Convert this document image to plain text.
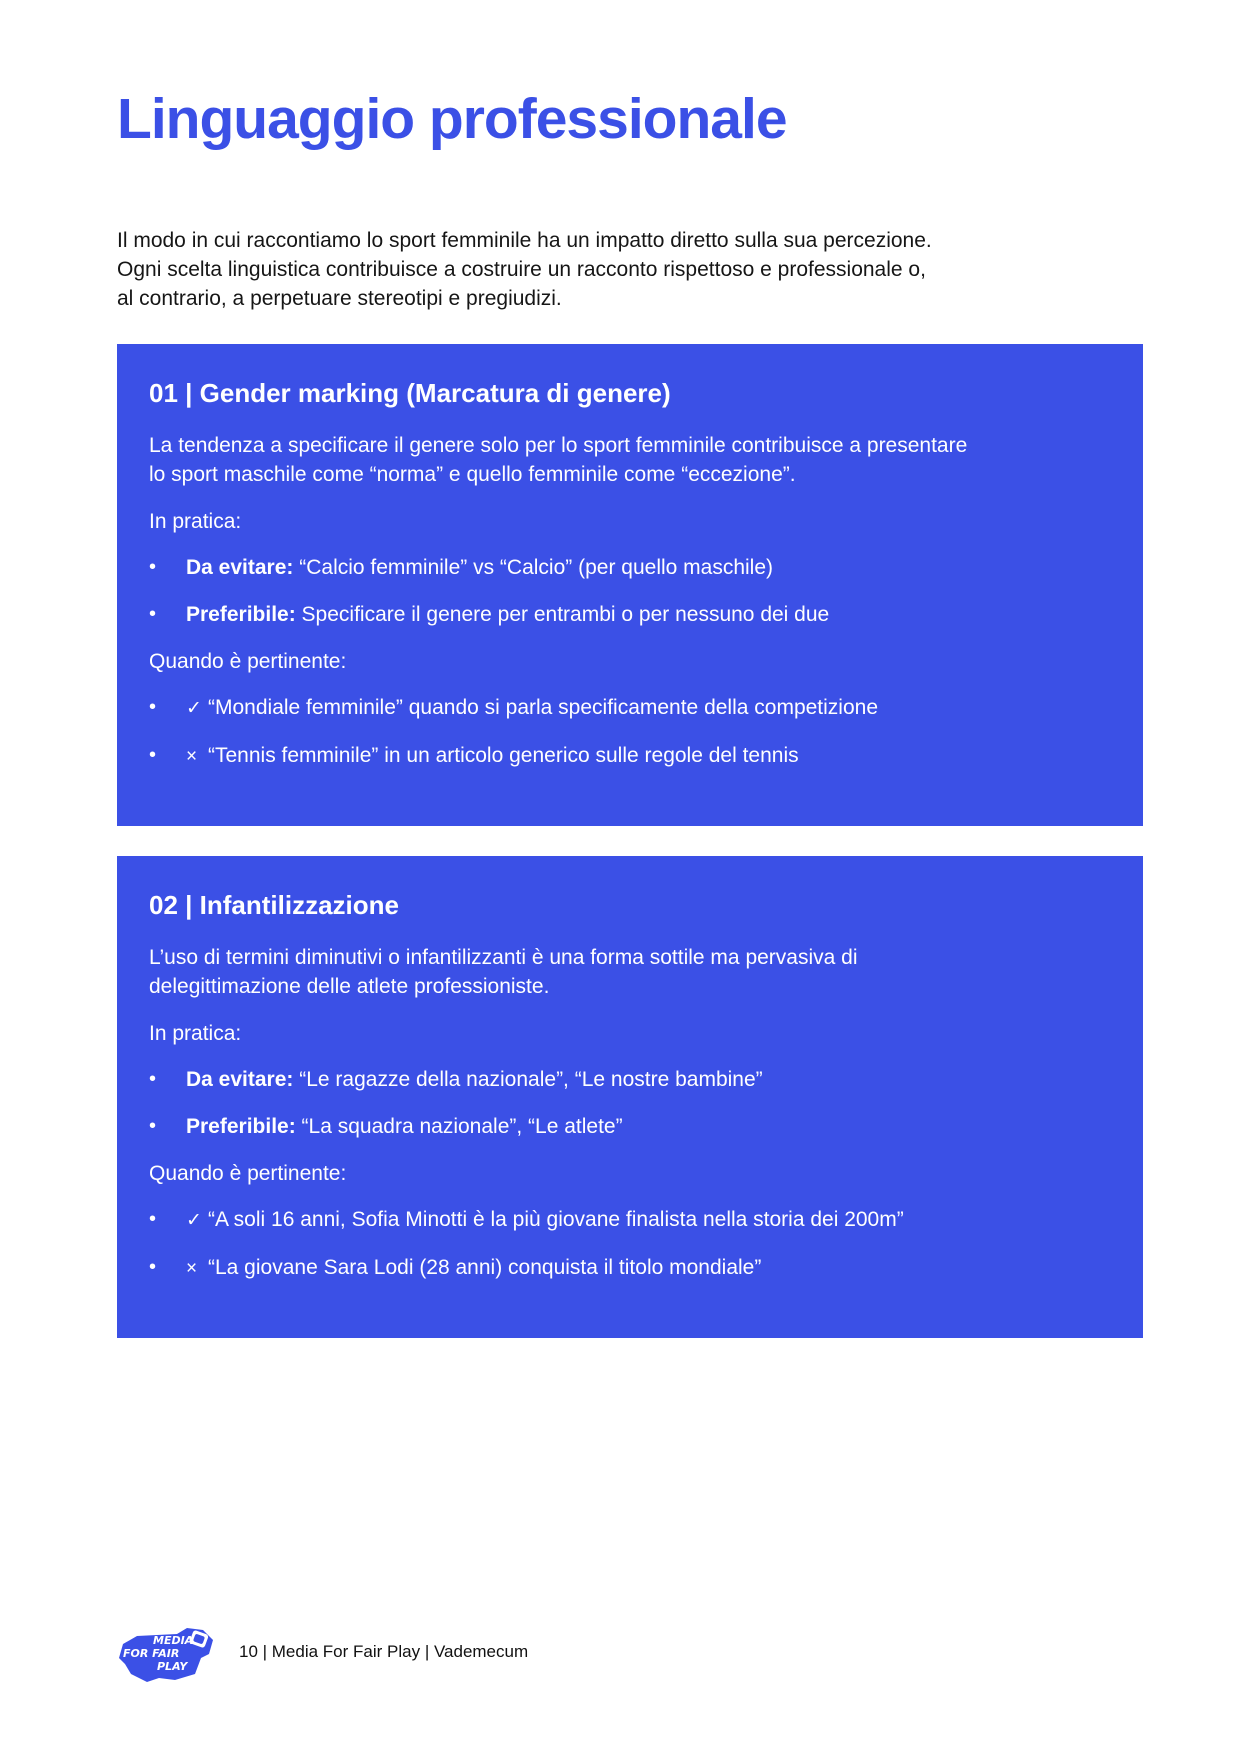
Linguaggio professionale

Il modo in cui raccontiamo lo sport femminile ha un impatto diretto sulla sua percezione.

Ogni scelta linguistica contribuisce a costruire un racconto rispettoso e professionale o,

al contrario, a perpetuare stereotipi e pregiudizi.

01 | Gender marking (Marcatura di genere)

La tendenza a specificare il genere solo per lo sport femminile contribuisce a presentare
lo sport maschile come “norma” e quello femminile come “eccezione”.

In pratica:

• Da evitare: “Calcio femminile” vs “Calcio” (per quello maschile)
• Preferibile: Specificare il genere per entrambi o per nessuno dei due

Quando è pertinente:

• ✓ “Mondiale femminile” quando si parla specificamente della competizione
• × “Tennis femminile” in un articolo generico sulle regole del tennis
02 | Infantilizzazione

L’uso di termini diminutivi o infantilizzanti è una forma sottile ma pervasiva di
delegittimazione delle atlete professioniste.

In pratica:

• Da evitare: “Le ragazze della nazionale”, “Le nostre bambine”
• Preferibile: “La squadra nazionale”, “Le atlete”

Quando è pertinente:

• ✓ “A soli 16 anni, Sofia Minotti è la più giovane finalista nella storia dei 200m”
• × “La giovane Sara Lodi (28 anni) conquista il titolo mondiale”
MEDIA
FOR FAIR
PLAY
10 | Media For Fair Play | Vademecum
